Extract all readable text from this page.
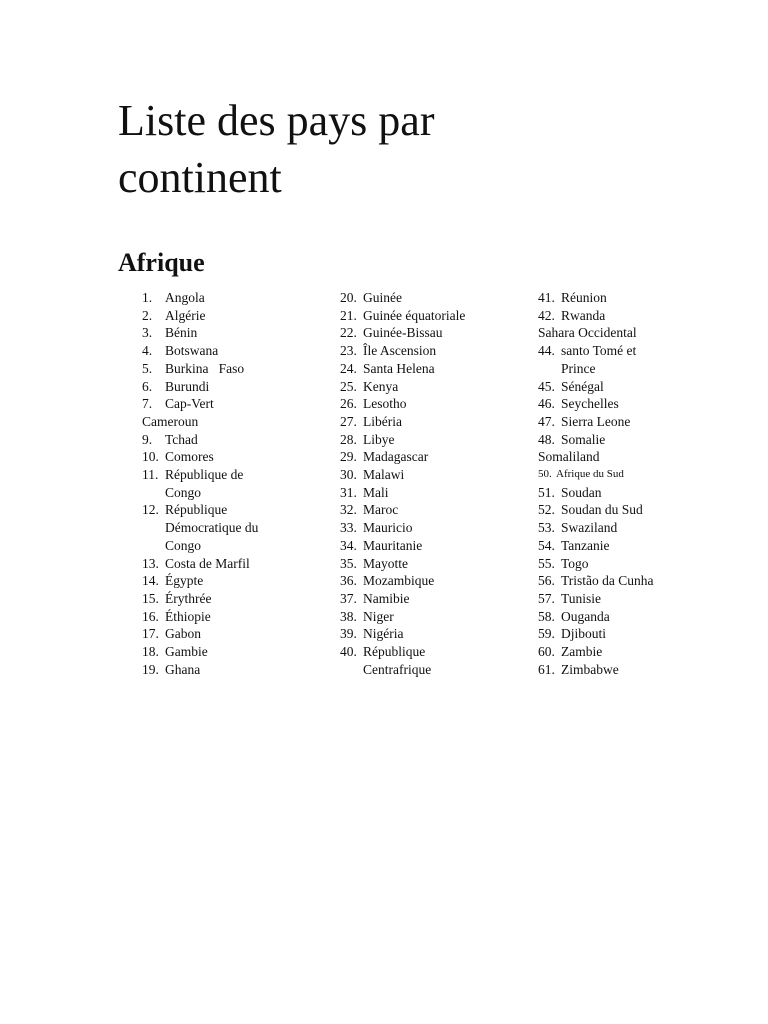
Liste des pays par continent
Afrique
1. Angola
2. Algérie
3. Bénin
4. Botswana
5. Burkina   Faso
6. Burundi
7. Cap-Vert
Cameroun
9. Tchad
10. Comores
11. République de
Congo
12. République
Démocratique du
Congo
13. Costa de Marfil
14. Égypte
15. Érythrée
16. Éthiopie
17. Gabon
18. Gambie
19. Ghana
20. Guinée
21. Guinée équatoriale
22. Guinée-Bissau
23. Île Ascension
24. Santa Helena
25. Kenya
26. Lesotho
27. Libéria
28. Libye
29. Madagascar
30. Malawi
31. Mali
32. Maroc
33. Mauricio
34. Mauritanie
35. Mayotte
36. Mozambique
37. Namibie
38. Niger
39. Nigéria
40. République
Centrafrique
41. Réunion
42. Rwanda
Sahara Occidental
44. santo Tomé et
Prince
45. Sénégal
46. Seychelles
47. Sierra Leone
48. Somalie
Somaliland
50. Afrique du Sud
51. Soudan
52. Soudan du Sud
53. Swaziland
54. Tanzanie
55. Togo
56. Tristão da Cunha
57. Tunisie
58. Ouganda
59. Djibouti
60. Zambie
61. Zimbabwe
